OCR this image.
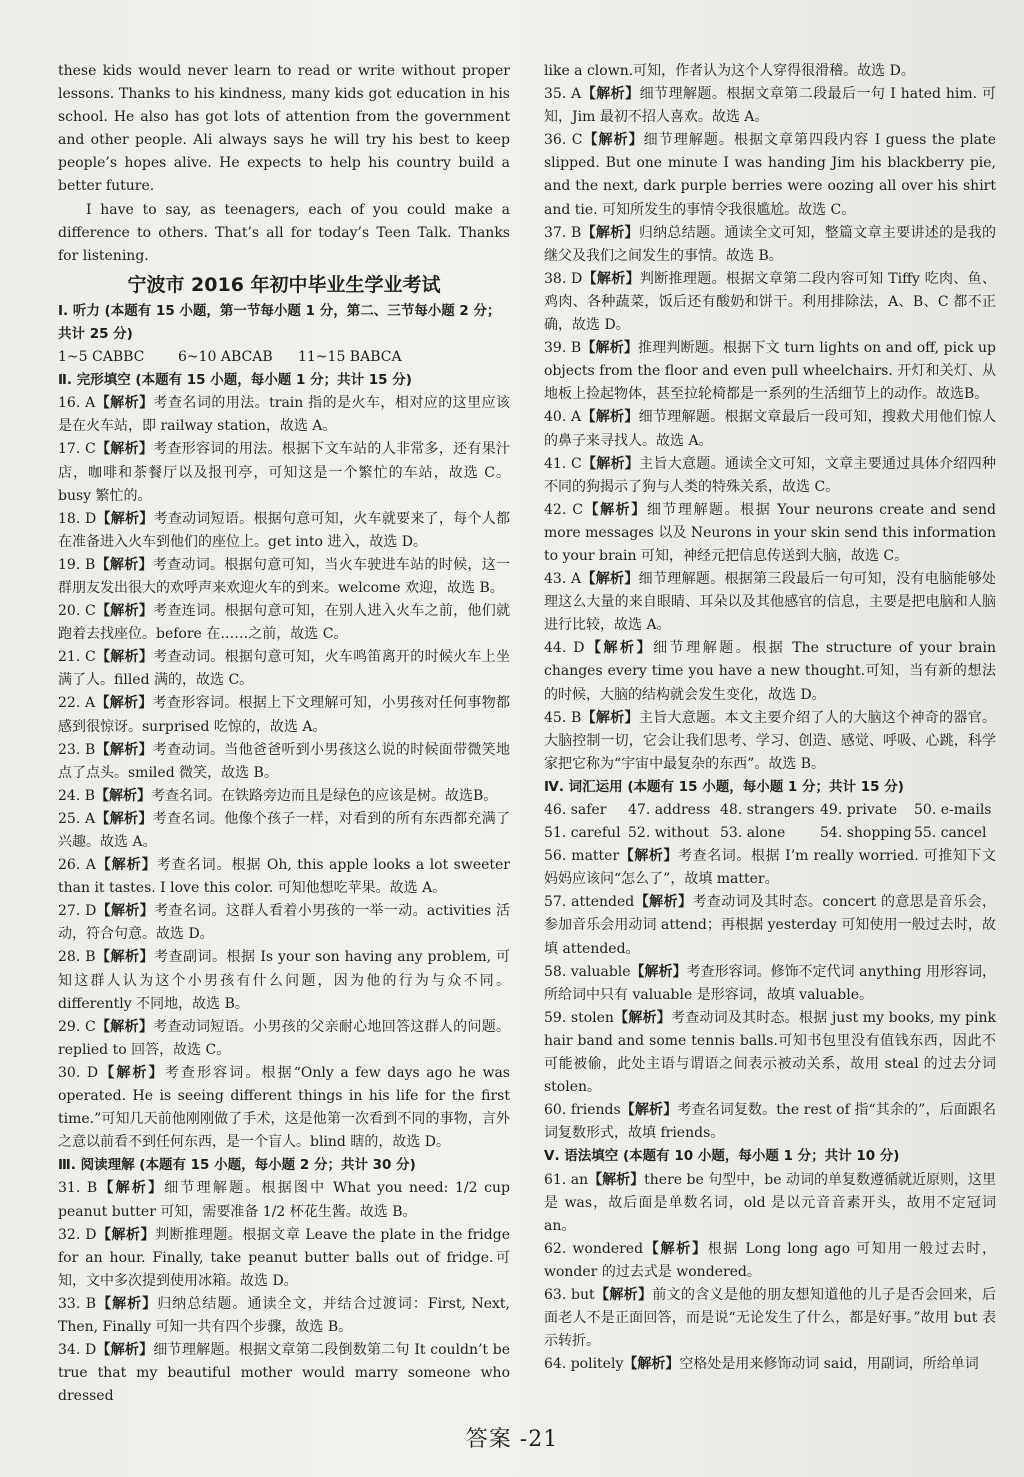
these kids would never learn to read or write without proper lessons. Thanks to his kindness, many kids got education in his school. He also has got lots of attention from the government and other people. Ali always says he will try his best to keep people’s hopes alive. He expects to help his country build a better future.

I have to say, as teenagers, each of you could make a difference to others. That’s all for today’s Teen Talk. Thanks for listening.

宁波市 2016 年初中毕业生学业考试

Ⅰ. 听力 (本题有 15 小题，第一节每小题 1 分，第二、三节每小题 2 分；共计 25 分)

1~5 CABBC	6~10 ABCAB	11~15 BABCA

Ⅱ. 完形填空 (本题有 15 小题，每小题 1 分；共计 15 分)

16. A【解析】考查名词的用法。train 指的是火车，相对应的这里应该是在火车站，即 railway station，故选 A。

17. C【解析】考查形容词的用法。根据下文车站的人非常多，还有果汁店，咖啡和茶餐厅以及报刊亭，可知这是一个繁忙的车站，故选 C。busy 繁忙的。

18. D【解析】考查动词短语。根据句意可知，火车就要来了，每个人都在准备进入火车到他们的座位上。get into 进入，故选 D。

19. B【解析】考查动词。根据句意可知，当火车驶进车站的时候，这一群朋友发出很大的欢呼声来欢迎火车的到来。welcome 欢迎，故选 B。

20. C【解析】考查连词。根据句意可知，在别人进入火车之前，他们就跑着去找座位。before 在……之前，故选 C。

21. C【解析】考查动词。根据句意可知，火车鸣笛离开的时候火车上坐满了人。filled 满的，故选 C。

22. A【解析】考查形容词。根据上下文理解可知，小男孩对任何事物都感到很惊讶。surprised 吃惊的，故选 A。

23. B【解析】考查动词。当他爸爸听到小男孩这么说的时候面带微笑地点了点头。smiled 微笑，故选 B。

24. B【解析】考查名词。在铁路旁边而且是绿色的应该是树。故选B。

25. A【解析】考查名词。他像个孩子一样，对看到的所有东西都充满了兴趣。故选 A。

26. A【解析】考查名词。根据 Oh, this apple looks a lot sweeter than it tastes. I love this color. 可知他想吃苹果。故选 A。

27. D【解析】考查名词。这群人看着小男孩的一举一动。activities 活动，符合句意。故选 D。

28. B【解析】考查副词。根据 Is your son having any problem, 可知这群人认为这个小男孩有什么问题，因为他的行为与众不同。differently 不同地，故选 B。

29. C【解析】考查动词短语。小男孩的父亲耐心地回答这群人的问题。replied to 回答，故选 C。

30. D【解析】考查形容词。根据“Only a few days ago he was operated. He is seeing different things in his life for the first time.”可知几天前他刚刚做了手术，这是他第一次看到不同的事物，言外之意以前看不到任何东西，是一个盲人。blind 瞎的，故选 D。

Ⅲ. 阅读理解 (本题有 15 小题，每小题 2 分；共计 30 分)

31. B【解析】细节理解题。根据图中 What you need: 1/2 cup peanut butter 可知，需要准备 1/2 杯花生酱。故选 B。

32. D【解析】判断推理题。根据文章 Leave the plate in the fridge for an hour. Finally, take peanut butter balls out of fridge.可知，文中多次提到使用冰箱。故选 D。

33. B【解析】归纳总结题。通读全文，并结合过渡词：First, Next, Then, Finally 可知一共有四个步骤，故选 B。

34. D【解析】细节理解题。根据文章第二段倒数第二句 It couldn’t be true that my beautiful mother would marry someone who dressed

like a clown.可知，作者认为这个人穿得很滑稽。故选 D。

35. A【解析】细节理解题。根据文章第二段最后一句 I hated him. 可知，Jim 最初不招人喜欢。故选 A。

36. C【解析】细节理解题。根据文章第四段内容 I guess the plate slipped. But one minute I was handing Jim his blackberry pie, and the next, dark purple berries were oozing all over his shirt and tie. 可知所发生的事情令我很尴尬。故选 C。

37. B【解析】归纳总结题。通读全文可知，整篇文章主要讲述的是我的继父及我们之间发生的事情。故选 B。

38. D【解析】判断推理题。根据文章第二段内容可知 Tiffy 吃肉、鱼、鸡肉、各种蔬菜，饭后还有酸奶和饼干。利用排除法，A、B、C 都不正确，故选 D。

39. B【解析】推理判断题。根据下文 turn lights on and off, pick up objects from the floor and even pull wheelchairs. 开灯和关灯、从地板上捡起物体，甚至拉轮椅都是一系列的生活细节上的动作。故选B。

40. A【解析】细节理解题。根据文章最后一段可知，搜救犬用他们惊人的鼻子来寻找人。故选 A。

41. C【解析】主旨大意题。通读全文可知，文章主要通过具体介绍四种不同的狗揭示了狗与人类的特殊关系，故选 C。

42. C【解析】细节理解题。根据 Your neurons create and send more messages 以及 Neurons in your skin send this information to your brain 可知，神经元把信息传送到大脑，故选 C。

43. A【解析】细节理解题。根据第三段最后一句可知，没有电脑能够处理这么大量的来自眼睛、耳朵以及其他感官的信息，主要是把电脑和人脑进行比较，故选 A。

44. D【解析】细节理解题。根据 The structure of your brain changes every time you have a new thought.可知，当有新的想法的时候，大脑的结构就会发生变化，故选 D。

45. B【解析】主旨大意题。本文主要介绍了人的大脑这个神奇的器官。大脑控制一切，它会让我们思考、学习、创造、感觉、呼吸、心跳，科学家把它称为“宇宙中最复杂的东西”。故选 B。

Ⅳ. 词汇运用 (本题有 15 小题，每小题 1 分；共计 15 分)

46. safer	47. address 48. strangers 49. private	50. e-mails
51. careful 52. without 53. alone	54. shopping 55. cancel

56. matter【解析】考查名词。根据 I’m really worried. 可推知下文妈妈应该问“怎么了”，故填 matter。

57. attended【解析】考查动词及其时态。concert 的意思是音乐会，参加音乐会用动词 attend；再根据 yesterday 可知使用一般过去时，故填 attended。

58. valuable【解析】考查形容词。修饰不定代词 anything 用形容词，所给词中只有 valuable 是形容词，故填 valuable。

59. stolen【解析】考查动词及其时态。根据 just my books, my pink hair band and some tennis balls.可知书包里没有值钱东西，因此不可能被偷，此处主语与谓语之间表示被动关系，故用 steal 的过去分词 stolen。

60. friends【解析】考查名词复数。the rest of 指“其余的”，后面跟名词复数形式，故填 friends。

Ⅴ. 语法填空 (本题有 10 小题，每小题 1 分；共计 10 分)

61. an【解析】there be 句型中，be 动词的单复数遵循就近原则，这里是 was，故后面是单数名词，old 是以元音音素开头，故用不定冠词an。

62. wondered【解析】根据 Long long ago 可知用一般过去时，wonder 的过去式是 wondered。

63. but【解析】前文的含义是他的朋友想知道他的儿子是否会回来，后面老人不是正面回答，而是说“无论发生了什么，都是好事。”故用 but 表示转折。

64. politely【解析】空格处是用来修饰动词 said，用副词，所给单词

答案 -21
